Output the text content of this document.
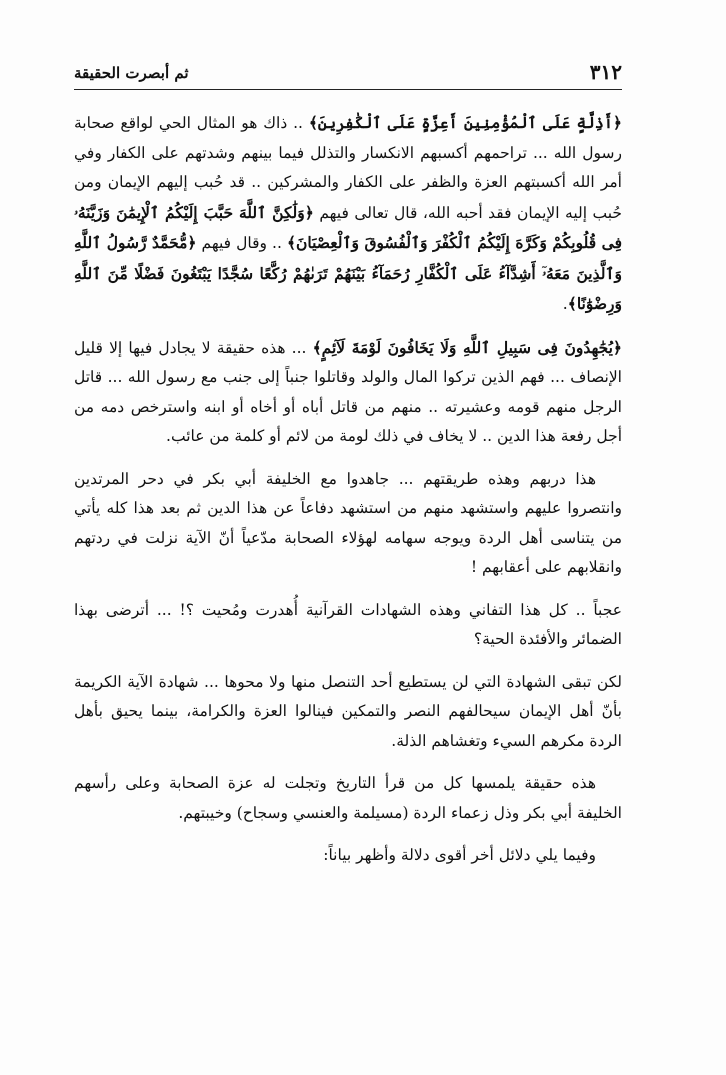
٣١٢
ثم أبصرت الحقيقة

﴿أَذِلَّةٍ عَلَى ٱلْمُؤْمِنِينَ أَعِزَّةٍ عَلَى ٱلْكَٰفِرِينَ﴾ .. ذاك هو المثال الحي لواقع صحابة رسول الله ... تراحمهم أكسبهم الانكسار والتذلل فيما بينهم وشدتهم على الكفار وفي أمر الله أكسبتهم العزة والظفر على الكفار والمشركين .. قد حُبب إليهم الإيمان ومن حُبب إليه الإيمان فقد أحبه الله، قال تعالى فيهم ﴿وَلَٰكِنَّ ٱللَّهَ حَبَّبَ إِلَيْكُمُ ٱلْإِيمَٰنَ وَزَيَّنَهُۥ فِى قُلُوبِكُمْ وَكَرَّهَ إِلَيْكُمُ ٱلْكُفْرَ وَٱلْفُسُوقَ وَٱلْعِصْيَانَ﴾ .. وقال فيهم ﴿مُّحَمَّدٌ رَّسُولُ ٱللَّهِ وَٱلَّذِينَ مَعَهُۥٓ أَشِدَّآءُ عَلَى ٱلْكُفَّارِ رُحَمَآءُ بَيْنَهُمْ تَرَىٰهُمْ رُكَّعًا سُجَّدًا يَبْتَغُونَ فَضْلًا مِّنَ ٱللَّهِ وَرِضْوَٰنًا﴾.

﴿يُجَٰهِدُونَ فِى سَبِيلِ ٱللَّهِ وَلَا يَخَافُونَ لَوْمَةَ لَآئِمٍ﴾ ... هذه حقيقة لا يجادل فيها إلا قليل الإنصاف ... فهم الذين تركوا المال والولد وقاتلوا جنباً إلى جنب مع رسول الله ... قاتل الرجل منهم قومه وعشيرته .. منهم من قاتل أباه أو أخاه أو ابنه واسترخص دمه من أجل رفعة هذا الدين .. لا يخاف في ذلك لومة من لائم أو كلمة من عائب.

هذا دربهم وهذه طريقتهم ... جاهدوا مع الخليفة أبي بكر في دحر المرتدين وانتصروا عليهم واستشهد منهم من استشهد دفاعاً عن هذا الدين ثم بعد هذا كله يأتي من يتناسى أهل الردة ويوجه سهامه لهؤلاء الصحابة مدّعياً أنّ الآية نزلت في ردتهم وانقلابهم على أعقابهم !

عجباً .. كل هذا التفاني وهذه الشهادات القرآنية أُهدرت ومُحيت ؟! ... أترضى بهذا الضمائر والأفئدة الحية؟

لكن تبقى الشهادة التي لن يستطيع أحد التنصل منها ولا محوها ... شهادة الآية الكريمة بأنّ أهل الإيمان سيحالفهم النصر والتمكين فينالوا العزة والكرامة، بينما يحيق بأهل الردة مكرهم السيء وتغشاهم الذلة.

هذه حقيقة يلمسها كل من قرأ التاريخ وتجلت له عزة الصحابة وعلى رأسهم الخليفة أبي بكر وذل زعماء الردة (مسيلمة والعنسي وسجاح) وخيبتهم.

وفيما يلي دلائل أخر أقوى دلالة وأظهر بياناً:
